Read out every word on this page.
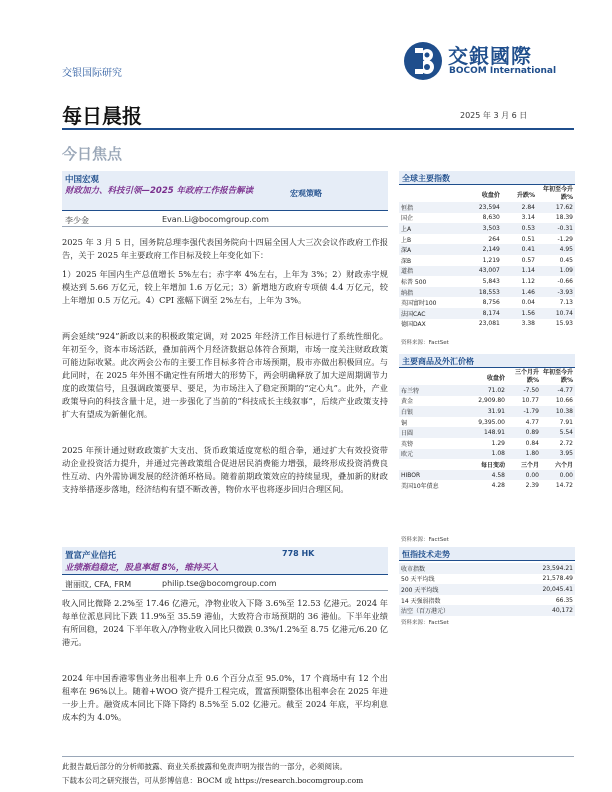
交银国际研究
交銀國際
BOCOM International
每日晨报	2025 年 3 月 6 日
今日焦点
中国宏观
财政加力、科技引领—2025 年政府工作报告解读	宏观策略
李少金	Evan.Li@bocomgroup.com
2025 年 3 月 5 日，国务院总理李强代表国务院向十四届全国人大三次会议作政府工作报告，关于 2025 年主要政府工作目标及较上年变化如下：
1）2025 年国内生产总值增长 5%左右；赤字率 4%左右，上年为 3%；2）财政赤字规模达到 5.66 万亿元，较上年增加 1.6 万亿元；3）新增地方政府专项债 4.4 万亿元，较上年增加 0.5 万亿元。4）CPI 涨幅下调至 2%左右，上年为 3%。
两会延续“924”新政以来的积极政策定调，对 2025 年经济工作目标进行了系统性细化。年初至今，资本市场活跃，叠加前两个月经济数据总体符合预期，市场一度关注财政政策可能边际收紧。此次两会公布的主要工作目标多符合市场预期，股市亦做出积极回应。与此同时，在 2025 年外围不确定性有所增大的形势下，两会明确释放了加大逆周期调节力度的政策信号，且强调政策要早、要足，为市场注入了稳定预期的“定心丸”。此外，产业政策导向的科技含量十足，进一步强化了当前的“科技成长主线叙事”，后续产业政策支持扩大有望成为新催化剂。
2025 年预计通过财政政策扩大支出、货币政策适度宽松的组合拳，通过扩大有效投资带动企业投资活力提升，并通过完善政策组合促进居民消费能力增强，最终形成投资消费良性互动、内外需协调发展的经济循环格局。随着前期政策效应的持续显现，叠加新的财政支持举措逐步落地，经济结构有望不断改善，物价水平也将逐步回归合理区间。
置富产业信托
业绩渐趋稳定，股息率超 8%，维持买入
778 HK
谢丽旼, CFA, FRM	philip.tse@bocomgroup.com
收入同比微降 2.2%至 17.46 亿港元，净物业收入下降 3.6%至 12.53 亿港元。2024 年每单位派息同比下跌 11.9%至 35.59 港仙，大致符合市场预期的 36 港仙。下半年业绩有所回稳，2024 下半年收入/净物业收入同比只微跌 0.3%/1.2%至 8.75 亿港元/6.20 亿港元。
2024 年中国香港零售业务出租率上升 0.6 个百分点至 95.0%，17 个商场中有 12 个出租率在 96%以上。随着+WOO 资产提升工程完成，置富预期整体出租率会在 2025 年进一步上升。融资成本同比下降下降约 8.5%至 5.02 亿港元。截至 2024 年底，平均利息成本约为 4.0%。
全球主要指数
	收盘价	升跌%	年初至今升跌%
恒指	23,594	2.84	17.62
国企	8,630	3.14	18.39
上A	3,503	0.53	-0.31
上B	264	0.51	-1.29
深A	2,149	0.41	4.95
深B	1,219	0.57	0.45
道指	43,007	1.14	1.09
标普 500	5,843	1.12	-0.66
纳指	18,553	1.46	-3.93
英国富时100	8,756	0.04	7.13
法国CAC	8,174	1.56	10.74
德国DAX	23,081	3.38	15.93
资料来源：FactSet
主要商品及外汇价格
	收盘价	三个月升跌%	年初至今升跌%
布兰特	71.02	-7.50	-4.77
黄金	2,909.80	10.77	10.66
白银	31.91	-1.79	10.38
铜	9,395.00	4.77	7.91
日圆	148.91	0.89	5.54
英镑	1.29	0.84	2.72
欧元	1.08	1.80	3.95
	每日变动	三个月	六个月
HIBOR	4.58	0.00	0.00
美国10年債息	4.28	2.39	14.72
资料来源：FactSet
恒指技术走势
收市指数	23,594.21
50 天平均线	21,578.49
200 天平均线	20,045.41
14 天强弱指数	66.35
沽空（百万港元）	40,172
资料来源：FactSet
此报告最后部分的分析师披露、商业关系披露和免责声明为报告的一部分，必须阅读。
下载本公司之研究报告，可从彭博信息：BOCM 或 https://research.bocomgroup.com
